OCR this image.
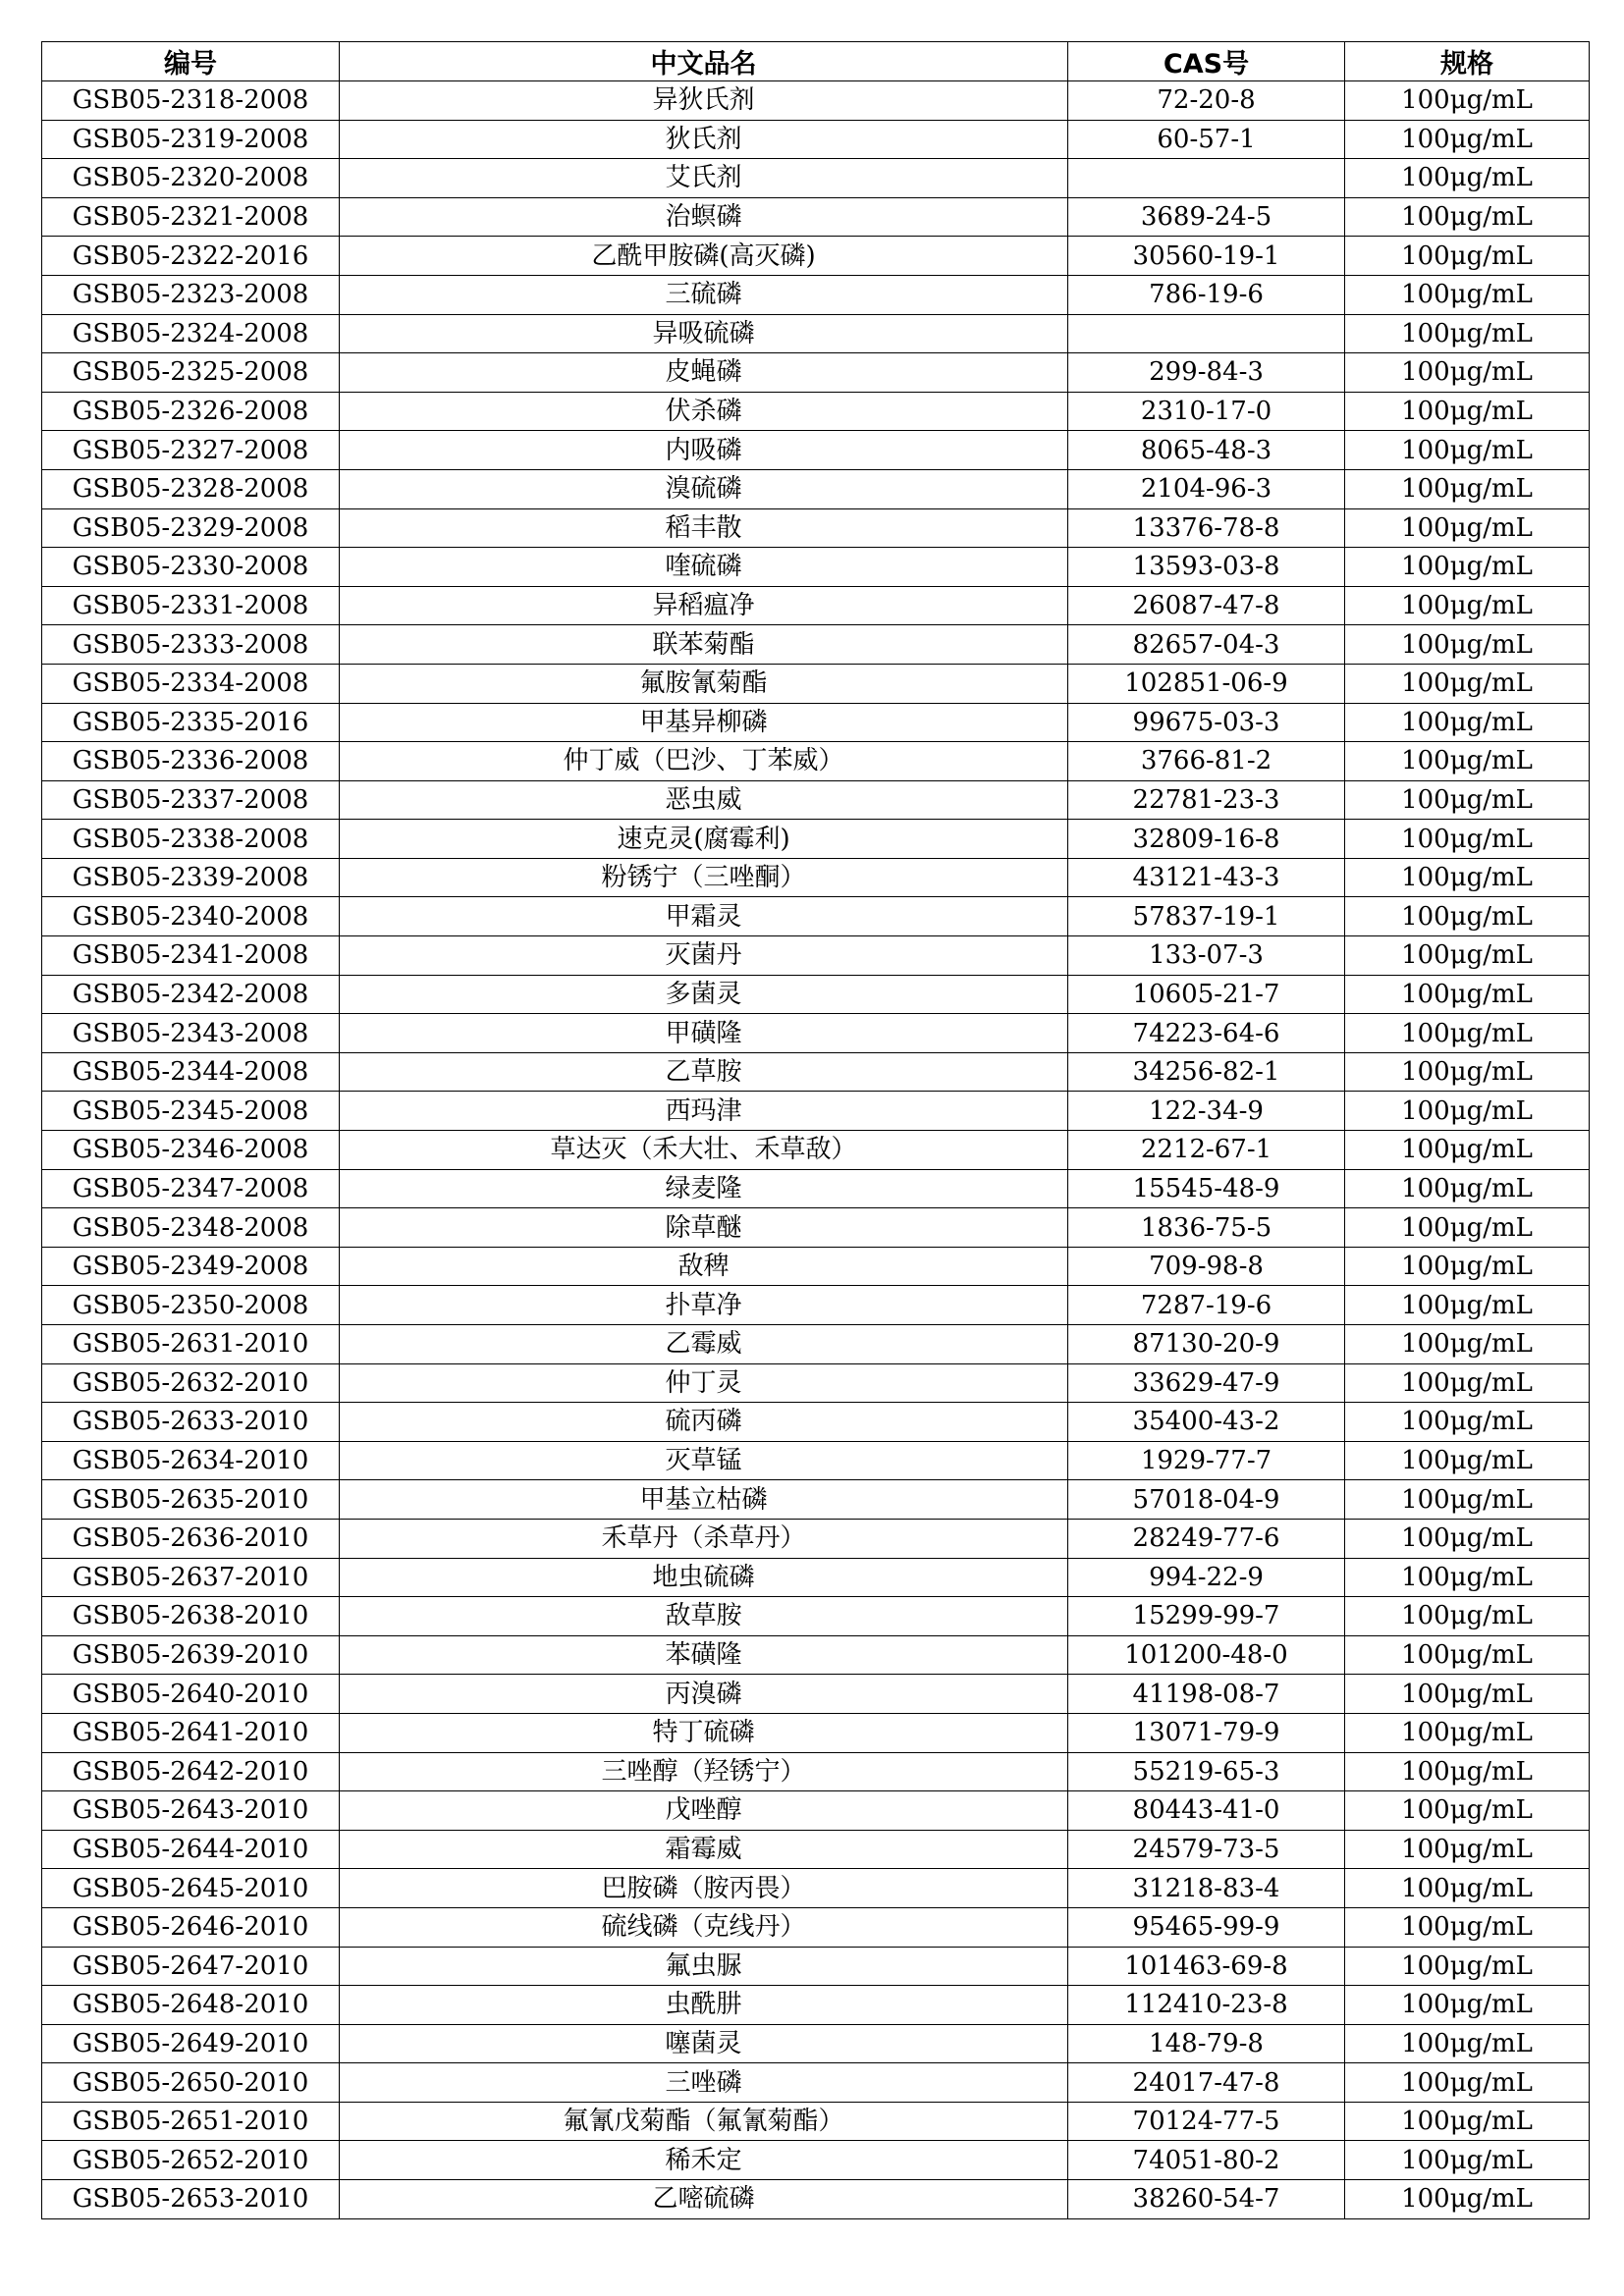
编号	中文品名	CAS号	规格
GSB05-2318-2008	异狄氏剂	72-20-8	100μg/mL
GSB05-2319-2008	狄氏剂	60-57-1	100μg/mL
GSB05-2320-2008	艾氏剂		100μg/mL
GSB05-2321-2008	治螟磷	3689-24-5	100μg/mL
GSB05-2322-2016	乙酰甲胺磷(高灭磷)	30560-19-1	100μg/mL
GSB05-2323-2008	三硫磷	786-19-6	100μg/mL
GSB05-2324-2008	异吸硫磷		100μg/mL
GSB05-2325-2008	皮蝇磷	299-84-3	100μg/mL
GSB05-2326-2008	伏杀磷	2310-17-0	100μg/mL
GSB05-2327-2008	内吸磷	8065-48-3	100μg/mL
GSB05-2328-2008	溴硫磷	2104-96-3	100μg/mL
GSB05-2329-2008	稻丰散	13376-78-8	100μg/mL
GSB05-2330-2008	喹硫磷	13593-03-8	100μg/mL
GSB05-2331-2008	异稻瘟净	26087-47-8	100μg/mL
GSB05-2333-2008	联苯菊酯	82657-04-3	100μg/mL
GSB05-2334-2008	氟胺氰菊酯	102851-06-9	100μg/mL
GSB05-2335-2016	甲基异柳磷	99675-03-3	100μg/mL
GSB05-2336-2008	仲丁威（巴沙、丁苯威）	3766-81-2	100μg/mL
GSB05-2337-2008	恶虫威	22781-23-3	100μg/mL
GSB05-2338-2008	速克灵(腐霉利)	32809-16-8	100μg/mL
GSB05-2339-2008	粉锈宁（三唑酮）	43121-43-3	100μg/mL
GSB05-2340-2008	甲霜灵	57837-19-1	100μg/mL
GSB05-2341-2008	灭菌丹	133-07-3	100μg/mL
GSB05-2342-2008	多菌灵	10605-21-7	100μg/mL
GSB05-2343-2008	甲磺隆	74223-64-6	100μg/mL
GSB05-2344-2008	乙草胺	34256-82-1	100μg/mL
GSB05-2345-2008	西玛津	122-34-9	100μg/mL
GSB05-2346-2008	草达灭（禾大壮、禾草敌）	2212-67-1	100μg/mL
GSB05-2347-2008	绿麦隆	15545-48-9	100μg/mL
GSB05-2348-2008	除草醚	1836-75-5	100μg/mL
GSB05-2349-2008	敌稗	709-98-8	100μg/mL
GSB05-2350-2008	扑草净	7287-19-6	100μg/mL
GSB05-2631-2010	乙霉威	87130-20-9	100μg/mL
GSB05-2632-2010	仲丁灵	33629-47-9	100μg/mL
GSB05-2633-2010	硫丙磷	35400-43-2	100μg/mL
GSB05-2634-2010	灭草锰	1929-77-7	100μg/mL
GSB05-2635-2010	甲基立枯磷	57018-04-9	100μg/mL
GSB05-2636-2010	禾草丹（杀草丹）	28249-77-6	100μg/mL
GSB05-2637-2010	地虫硫磷	994-22-9	100μg/mL
GSB05-2638-2010	敌草胺	15299-99-7	100μg/mL
GSB05-2639-2010	苯磺隆	101200-48-0	100μg/mL
GSB05-2640-2010	丙溴磷	41198-08-7	100μg/mL
GSB05-2641-2010	特丁硫磷	13071-79-9	100μg/mL
GSB05-2642-2010	三唑醇（羟锈宁）	55219-65-3	100μg/mL
GSB05-2643-2010	戊唑醇	80443-41-0	100μg/mL
GSB05-2644-2010	霜霉威	24579-73-5	100μg/mL
GSB05-2645-2010	巴胺磷（胺丙畏）	31218-83-4	100μg/mL
GSB05-2646-2010	硫线磷（克线丹）	95465-99-9	100μg/mL
GSB05-2647-2010	氟虫脲	101463-69-8	100μg/mL
GSB05-2648-2010	虫酰肼	112410-23-8	100μg/mL
GSB05-2649-2010	噻菌灵	148-79-8	100μg/mL
GSB05-2650-2010	三唑磷	24017-47-8	100μg/mL
GSB05-2651-2010	氟氰戊菊酯（氟氰菊酯）	70124-77-5	100μg/mL
GSB05-2652-2010	稀禾定	74051-80-2	100μg/mL
GSB05-2653-2010	乙嘧硫磷	38260-54-7	100μg/mL
